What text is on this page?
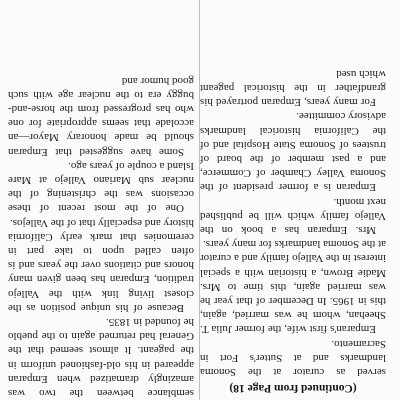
(Continued from Page 18)

served as curator at the Sonoma landmarks and at Sutter's Fort in Sacramento.

Emparan's first wife, the former Julia T. Sheehan, whom he was married, again, this in 1965. In December of that year he was married again, this time to Mrs. Madie Brown, a historian with a special interest in the Vallejo family and a curator at the Sonoma landmarks for many years.

Mrs. Emparan has a book on the Vallejo family which will be published next month.

Emparan is a former president of the Sonoma Valley Chamber of Commerce, and a past member of the board of trustees of Sonoma State Hospital and of the California historical landmarks advisory committee.

For many years, Emparan portrayed his grandfather in the historical pageant which used

semblance between the two was amazingly dramatized when Emparan appeared in his old-fashioned uniform in the pageant. It almost seemed that the General had returned again to the pueblo he founded in 1835.

Because of his unique position as the closest living link with the Vallejo tradition, Emparan has been given many honors and citations over the years and is often called upon to take part in ceremonies that mark early California history and especially that of the Vallejos.

One of the most recent of these occasions was the christening of the nuclear sub Mariano Vallejo at Mare Island a couple of years ago.

Some have suggested that Emparan should be made honorary Mayor—an accolade that seems appropriate for one who has progressed from the horse-and-buggy era to the nuclear age with such good humor and
